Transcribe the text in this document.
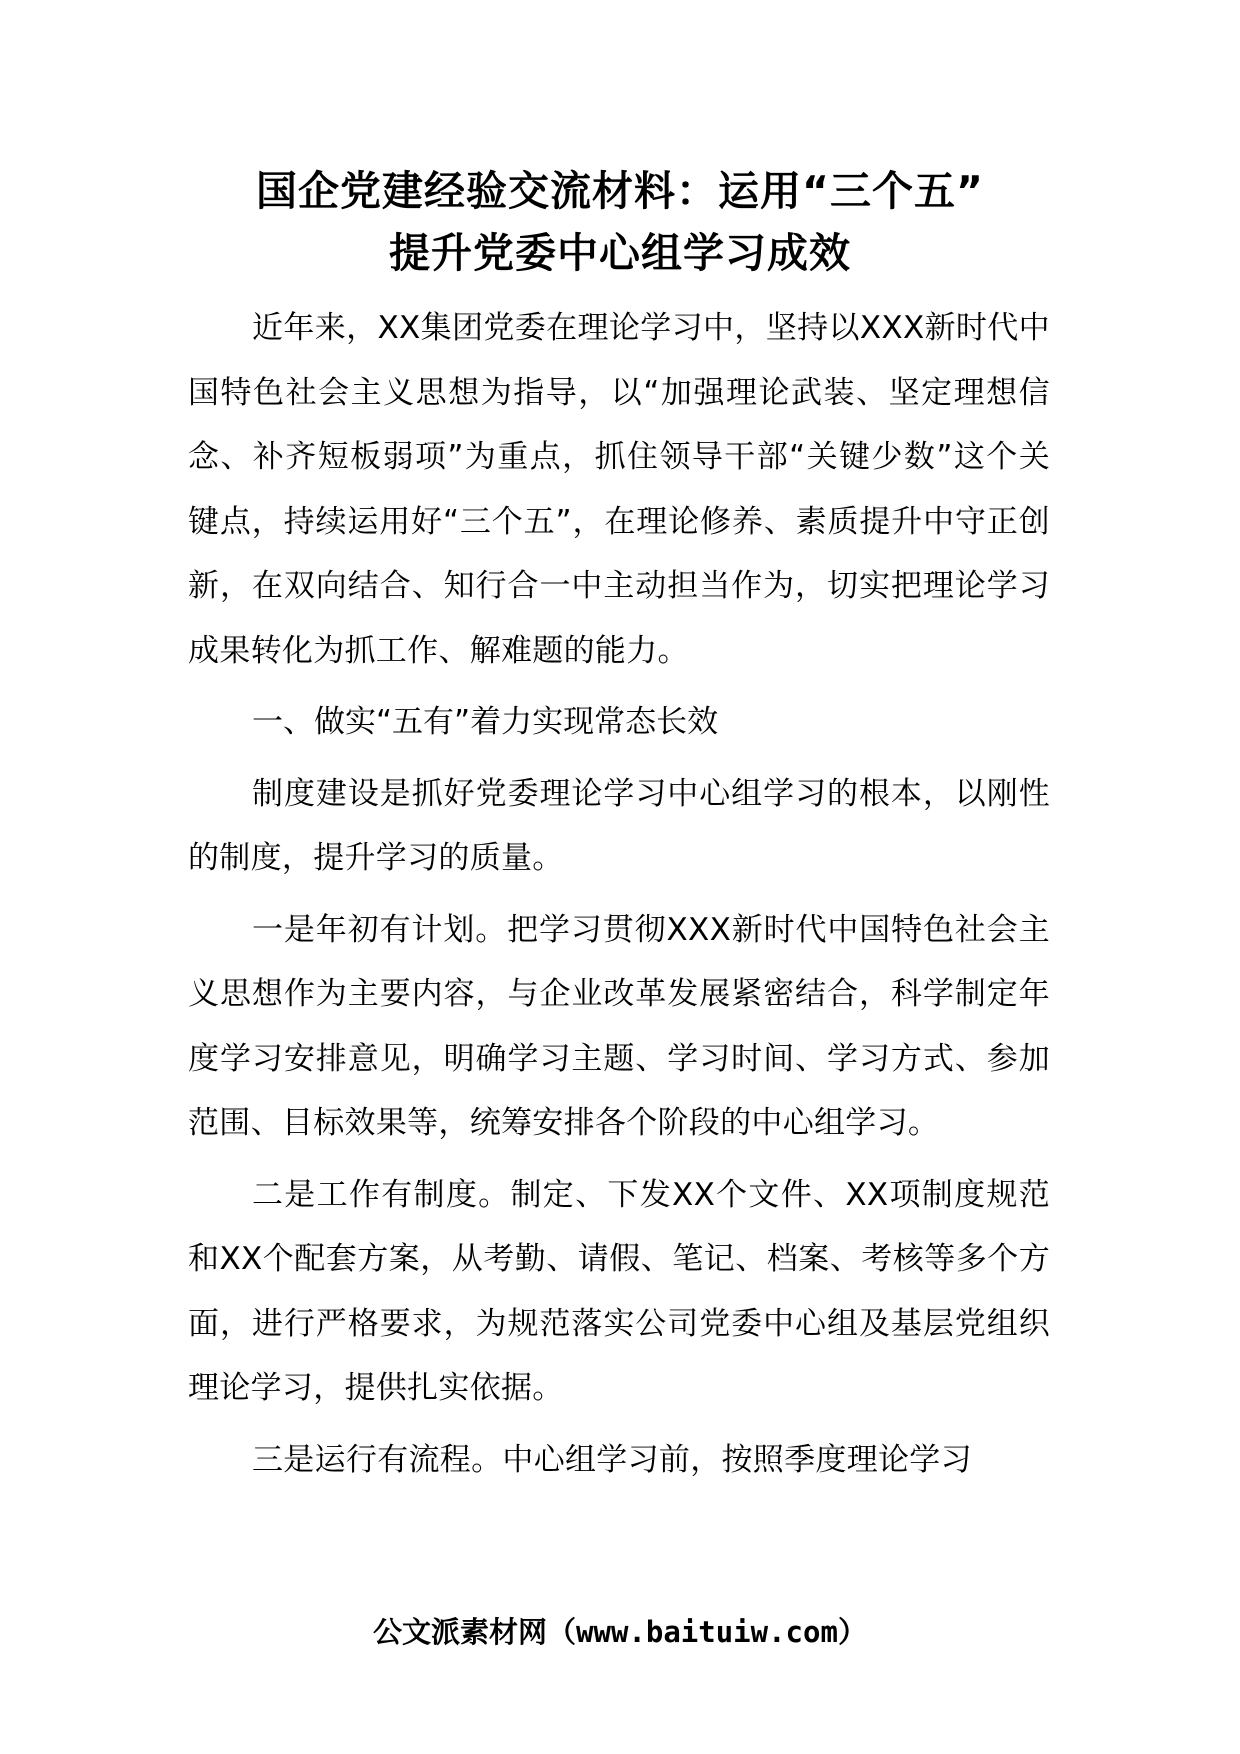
国企党建经验交流材料：运用“三个五”
提升党委中心组学习成效

近年来，XX集团党委在理论学习中，坚持以XXX新时代中国特色社会主义思想为指导，以“加强理论武装、坚定理想信念、补齐短板弱项”为重点，抓住领导干部“关键少数”这个关键点，持续运用好“三个五”，在理论修养、素质提升中守正创新，在双向结合、知行合一中主动担当作为，切实把理论学习成果转化为抓工作、解难题的能力。

一、做实“五有”着力实现常态长效

制度建设是抓好党委理论学习中心组学习的根本，以刚性的制度，提升学习的质量。

一是年初有计划。把学习贯彻XXX新时代中国特色社会主义思想作为主要内容，与企业改革发展紧密结合，科学制定年度学习安排意见，明确学习主题、学习时间、学习方式、参加范围、目标效果等，统筹安排各个阶段的中心组学习。

二是工作有制度。制定、下发XX个文件、XX项制度规范和XX个配套方案，从考勤、请假、笔记、档案、考核等多个方面，进行严格要求，为规范落实公司党委中心组及基层党组织理论学习，提供扎实依据。

三是运行有流程。中心组学习前，按照季度理论学习

公文派素材网（www.baituiw.com）
